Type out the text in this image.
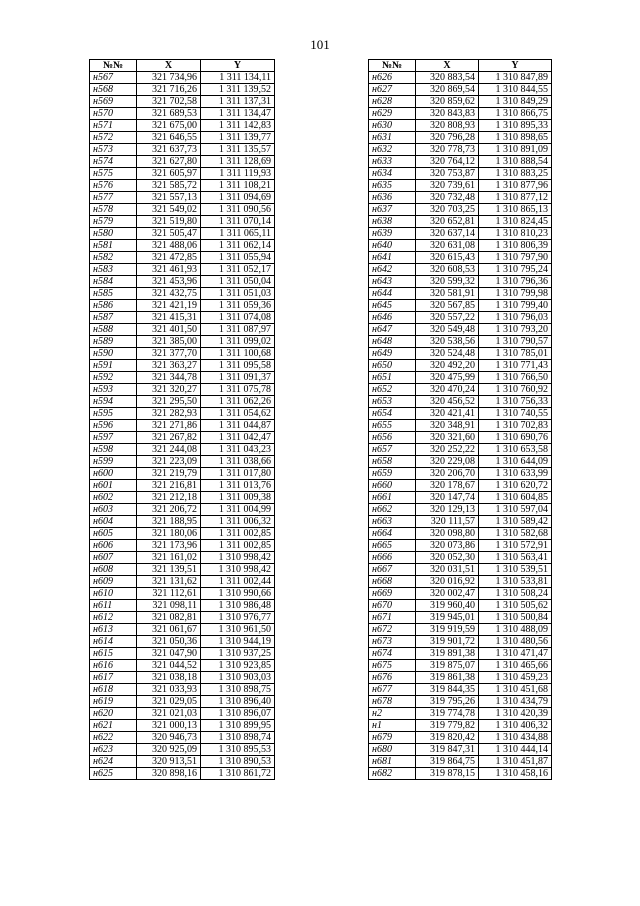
101
№№	X	Y
н567	321 734,96	1 311 134,11
н568	321 716,26	1 311 139,52
н569	321 702,58	1 311 137,31
н570	321 689,53	1 311 134,47
н571	321 675,00	1 311 142,83
н572	321 646,55	1 311 139,77
н573	321 637,73	1 311 135,57
н574	321 627,80	1 311 128,69
н575	321 605,97	1 311 119,93
н576	321 585,72	1 311 108,21
н577	321 557,13	1 311 094,69
н578	321 549,02	1 311 090,56
н579	321 519,80	1 311 070,14
н580	321 505,47	1 311 065,11
н581	321 488,06	1 311 062,14
н582	321 472,85	1 311 055,94
н583	321 461,93	1 311 052,17
н584	321 453,96	1 311 050,04
н585	321 432,75	1 311 051,03
н586	321 421,19	1 311 059,36
н587	321 415,31	1 311 074,08
н588	321 401,50	1 311 087,97
н589	321 385,00	1 311 099,02
н590	321 377,70	1 311 100,68
н591	321 363,27	1 311 095,58
н592	321 344,78	1 311 091,37
н593	321 320,27	1 311 075,78
н594	321 295,50	1 311 062,26
н595	321 282,93	1 311 054,62
н596	321 271,86	1 311 044,87
н597	321 267,82	1 311 042,47
н598	321 244,08	1 311 043,23
н599	321 223,09	1 311 038,66
н600	321 219,79	1 311 017,80
н601	321 216,81	1 311 013,76
н602	321 212,18	1 311 009,38
н603	321 206,72	1 311 004,99
н604	321 188,95	1 311 006,32
н605	321 180,06	1 311 002,85
н606	321 173,96	1 311 002,85
н607	321 161,02	1 310 998,42
н608	321 139,51	1 310 998,42
н609	321 131,62	1 311 002,44
н610	321 112,61	1 310 990,66
н611	321 098,11	1 310 986,48
н612	321 082,81	1 310 976,77
н613	321 061,67	1 310 961,50
н614	321 050,36	1 310 944,19
н615	321 047,90	1 310 937,25
н616	321 044,52	1 310 923,85
н617	321 038,18	1 310 903,03
н618	321 033,93	1 310 898,75
н619	321 029,05	1 310 896,40
н620	321 021,03	1 310 896,07
н621	321 000,13	1 310 899,95
н622	320 946,73	1 310 898,74
н623	320 925,09	1 310 895,53
н624	320 913,51	1 310 890,53
н625	320 898,16	1 310 861,72
№№	X	Y
н626	320 883,54	1 310 847,89
н627	320 869,54	1 310 844,55
н628	320 859,62	1 310 849,29
н629	320 843,83	1 310 866,75
н630	320 808,93	1 310 895,33
н631	320 796,28	1 310 898,65
н632	320 778,73	1 310 891,09
н633	320 764,12	1 310 888,54
н634	320 753,87	1 310 883,25
н635	320 739,61	1 310 877,96
н636	320 732,48	1 310 877,12
н637	320 703,25	1 310 865,13
н638	320 652,81	1 310 824,45
н639	320 637,14	1 310 810,23
н640	320 631,08	1 310 806,39
н641	320 615,43	1 310 797,90
н642	320 608,53	1 310 795,24
н643	320 599,32	1 310 796,36
н644	320 581,91	1 310 799,98
н645	320 567,85	1 310 799,40
н646	320 557,22	1 310 796,03
н647	320 549,48	1 310 793,20
н648	320 538,56	1 310 790,57
н649	320 524,48	1 310 785,01
н650	320 492,20	1 310 771,43
н651	320 475,99	1 310 766,50
н652	320 470,24	1 310 760,92
н653	320 456,52	1 310 756,33
н654	320 421,41	1 310 740,55
н655	320 348,91	1 310 702,83
н656	320 321,60	1 310 690,76
н657	320 252,22	1 310 653,58
н658	320 229,08	1 310 644,09
н659	320 206,70	1 310 633,99
н660	320 178,67	1 310 620,72
н661	320 147,74	1 310 604,85
н662	320 129,13	1 310 597,04
н663	320 111,57	1 310 589,42
н664	320 098,80	1 310 582,68
н665	320 073,86	1 310 572,91
н666	320 052,30	1 310 563,41
н667	320 031,51	1 310 539,51
н668	320 016,92	1 310 533,81
н669	320 002,47	1 310 508,24
н670	319 960,40	1 310 505,62
н671	319 945,01	1 310 500,84
н672	319 919,59	1 310 488,09
н673	319 901,72	1 310 480,56
н674	319 891,38	1 310 471,47
н675	319 875,07	1 310 465,66
н676	319 861,38	1 310 459,23
н677	319 844,35	1 310 451,68
н678	319 795,26	1 310 434,79
н2	319 774,78	1 310 420,39
н1	319 779,82	1 310 406,32
н679	319 820,42	1 310 434,88
н680	319 847,31	1 310 444,14
н681	319 864,75	1 310 451,87
н682	319 878,15	1 310 458,16
